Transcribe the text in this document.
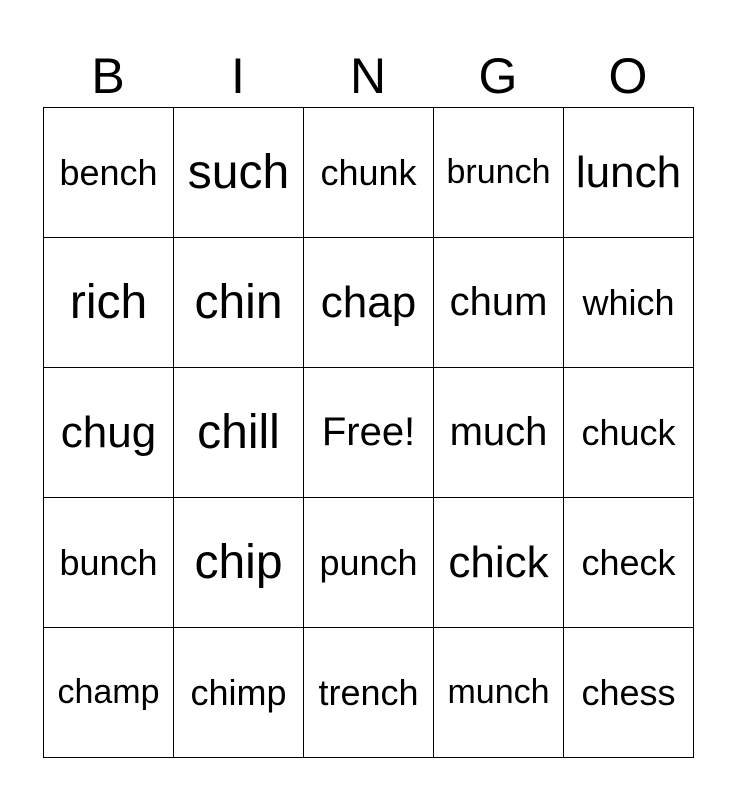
B	I	N	G	O
bench such chunk brunch lunch
rich chin chap chum which
chug chill	Free! much chuck
bunch chip	punch chick check
champ chimp trench munch chess
